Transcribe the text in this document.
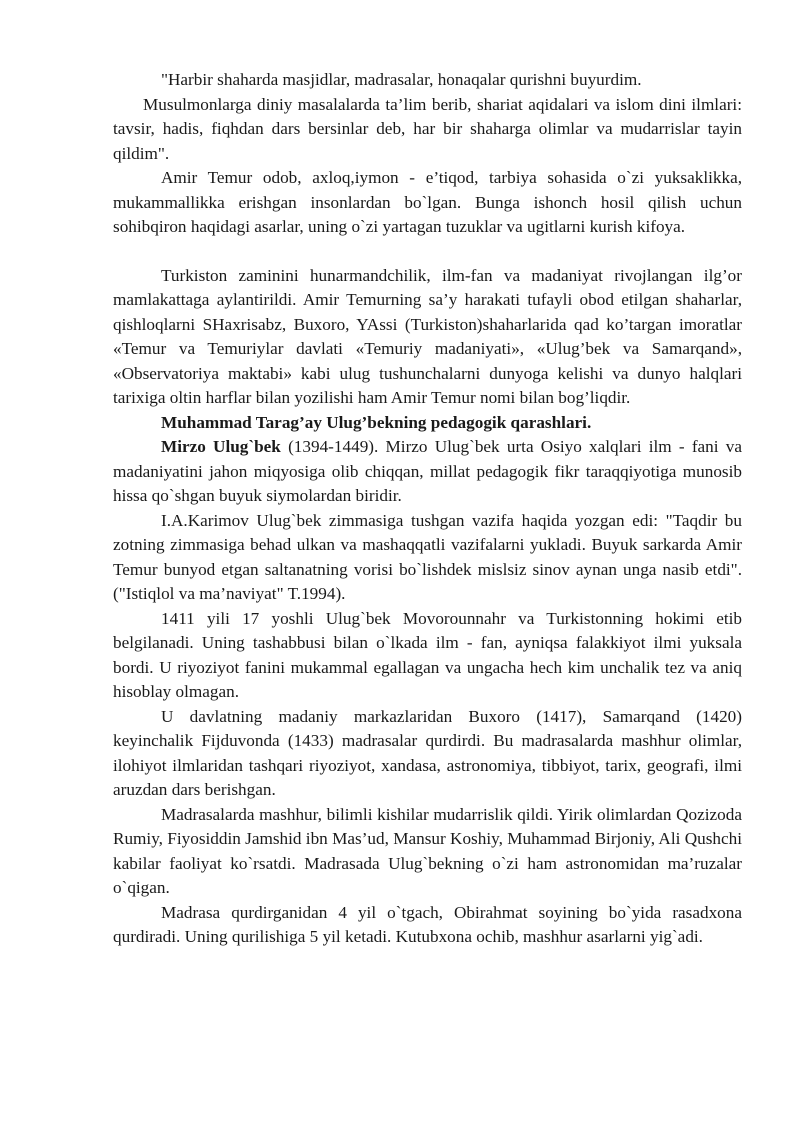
"Harbir shaharda masjidlar, madrasalar, honaqalar qurishni buyurdim.

Musulmonlarga diniy masalalarda ta’lim berib, shariat aqidalari va islom dini ilmlari: tavsir, hadis, fiqhdan dars bersinlar deb, har bir shaharga olimlar va mudarrislar tayin qildim".

Amir Temur odob, axloq,iymon - e’tiqod, tarbiya sohasida o`zi yuksaklikka, mukammallikka erishgan insonlardan bo`lgan. Bunga ishonch hosil qilish uchun sohibqiron haqidagi asarlar, uning o`zi yartagan tuzuklar va ugitlarni kurish kifoya.

Turkiston zaminini hunarmandchilik, ilm-fan va madaniyat rivojlangan ilg’or mamlakattaga aylantirildi. Amir Temurning sa’y harakati tufayli obod etilgan shaharlar, qishloqlarni SHaxrisabz, Buxoro, YAssi (Turkiston)shaharlarida qad ko’targan imoratlar «Temur va Temuriylar davlati «Temuriy madaniyati», «Ulug’bek va Samarqand», «Observatoriya maktabi» kabi ulug tushunchalarni dunyoga kelishi va dunyo halqlari tarixiga oltin harflar bilan yozilishi ham Amir Temur nomi bilan bog’liqdir.

Muhammad Tarag’ay Ulug’bekning pedagogik qarashlari.

Mirzo Ulug`bek (1394-1449). Mirzo Ulug`bek urta Osiyo xalqlari ilm - fani va madaniyatini jahon miqyosiga olib chiqqan, millat pedagogik fikr taraqqiyotiga munosib hissa qo`shgan buyuk siymolardan biridir.

I.A.Karimov Ulug`bek zimmasiga tushgan vazifa haqida yozgan edi: "Taqdir bu zotning zimmasiga behad ulkan va mashaqqatli vazifalarni yukladi. Buyuk sarkarda Amir Temur bunyod etgan saltanatning vorisi bo`lishdek mislsiz sinov aynan unga nasib etdi".("Istiqlol va ma’naviyat" T.1994).

1411 yili 17 yoshli Ulug`bek Movorounnahr va Turkistonning hokimi etib belgilanadi. Uning tashabbusi bilan o`lkada ilm - fan, ayniqsa falakkiyot ilmi yuksala bordi. U riyoziyot fanini mukammal egallagan va ungacha hech kim unchalik tez va aniq hisoblay olmagan.

U davlatning madaniy markazlaridan Buxoro (1417), Samarqand (1420) keyinchalik Fijduvonda (1433) madrasalar qurdirdi. Bu madrasalarda mashhur olimlar, ilohiyot ilmlaridan tashqari riyoziyot, xandasa, astronomiya, tibbiyot, tarix, geografi, ilmi aruzdan dars berishgan.

Madrasalarda mashhur, bilimli kishilar mudarrislik qildi. Yirik olimlardan Qozizoda Rumiy, Fiyosiddin Jamshid ibn Mas’ud, Mansur Koshiy, Muhammad Birjoniy, Ali Qushchi kabilar faoliyat ko`rsatdi. Madrasada Ulug`bekning o`zi ham astronomidan ma’ruzalar o`qigan.

Madrasa qurdirganidan 4 yil o`tgach, Obirahmat soyining bo`yida rasadxona qurdiradi. Uning qurilishiga 5 yil ketadi. Kutubxona ochib, mashhur asarlarni yig`adi.
